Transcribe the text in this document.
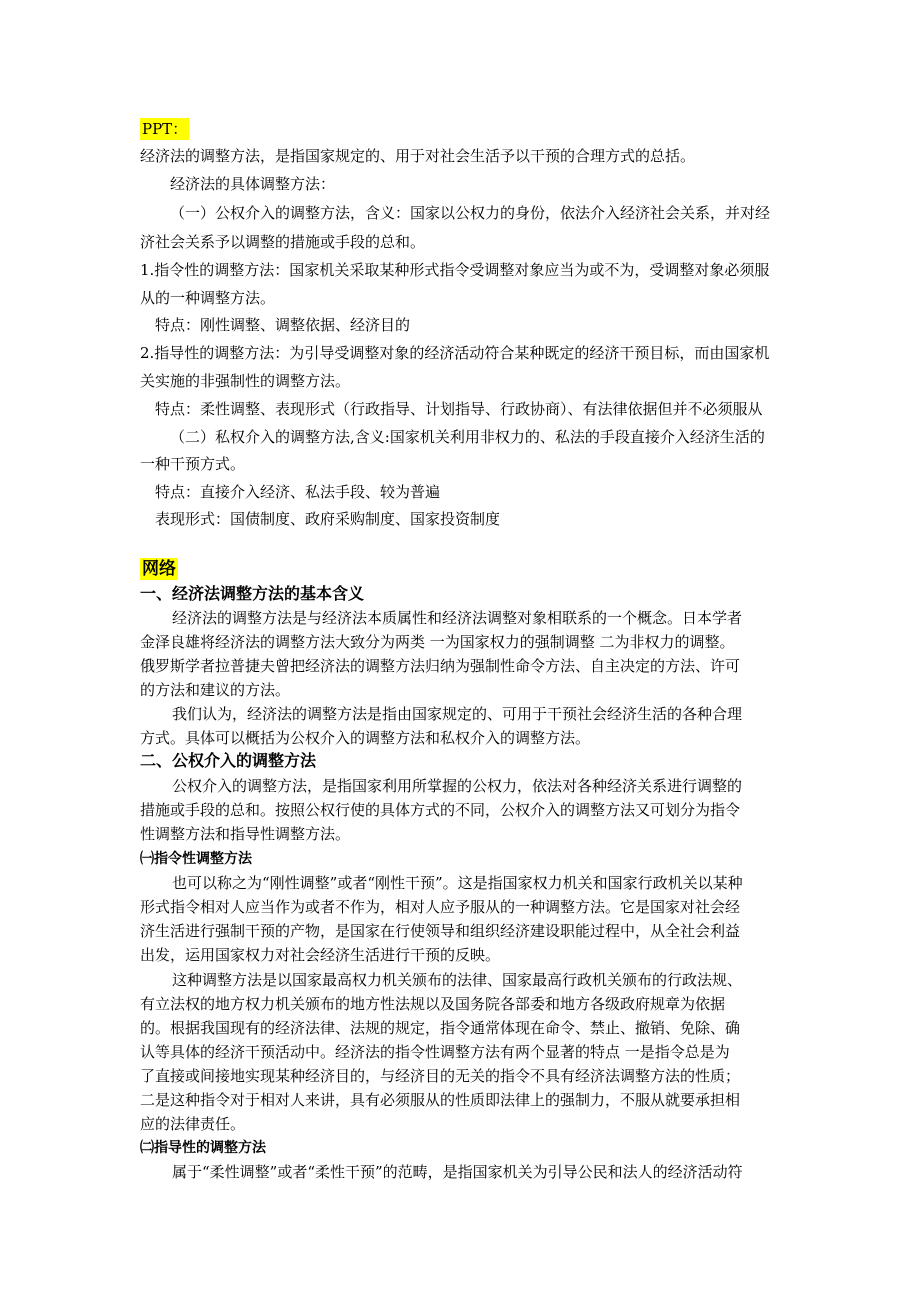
PPT：
经济法的调整方法，是指国家规定的、用于对社会生活予以干预的合理方式的总括。
经济法的具体调整方法：
（一）公权介入的调整方法，含义：国家以公权力的身份，依法介入经济社会关系，并对经
济社会关系予以调整的措施或手段的总和。
1.指令性的调整方法：国家机关采取某种形式指令受调整对象应当为或不为，受调整对象必须服
从的一种调整方法。
特点：刚性调整、调整依据、经济目的
2.指导性的调整方法：为引导受调整对象的经济活动符合某种既定的经济干预目标，而由国家机
关实施的非强制性的调整方法。
特点：柔性调整、表现形式（行政指导、计划指导、行政协商）、有法律依据但并不必须服从
（二）私权介入的调整方法,含义:国家机关利用非权力的、私法的手段直接介入经济生活的
一种干预方式。
特点：直接介入经济、私法手段、较为普遍
表现形式：国债制度、政府采购制度、国家投资制度
网络
一、经济法调整方法的基本含义
经济法的调整方法是与经济法本质属性和经济法调整对象相联系的一个概念。日本学者
金泽良雄将经济法的调整方法大致分为两类 一为国家权力的强制调整 二为非权力的调整。
俄罗斯学者拉普捷夫曾把经济法的调整方法归纳为强制性命令方法、自主决定的方法、许可
的方法和建议的方法。
我们认为，经济法的调整方法是指由国家规定的、可用于干预社会经济生活的各种合理
方式。具体可以概括为公权介入的调整方法和私权介入的调整方法。
二、公权介入的调整方法
公权介入的调整方法，是指国家利用所掌握的公权力，依法对各种经济关系进行调整的
措施或手段的总和。按照公权行使的具体方式的不同，公权介入的调整方法又可划分为指令
性调整方法和指导性调整方法。
㈠指令性调整方法
也可以称之为“刚性调整”或者“刚性干预”。这是指国家权力机关和国家行政机关以某种
形式指令相对人应当作为或者不作为，相对人应予服从的一种调整方法。它是国家对社会经
济生活进行强制干预的产物，是国家在行使领导和组织经济建设职能过程中，从全社会利益
出发，运用国家权力对社会经济生活进行干预的反映。
这种调整方法是以国家最高权力机关颁布的法律、国家最高行政机关颁布的行政法规、
有立法权的地方权力机关颁布的地方性法规以及国务院各部委和地方各级政府规章为依据
的。根据我国现有的经济法律、法规的规定，指令通常体现在命令、禁止、撤销、免除、确
认等具体的经济干预活动中。经济法的指令性调整方法有两个显著的特点 一是指令总是为
了直接或间接地实现某种经济目的，与经济目的无关的指令不具有经济法调整方法的性质；
二是这种指令对于相对人来讲，具有必须服从的性质即法律上的强制力，不服从就要承担相
应的法律责任。
㈡指导性的调整方法
属于“柔性调整”或者“柔性干预”的范畴，是指国家机关为引导公民和法人的经济活动符
